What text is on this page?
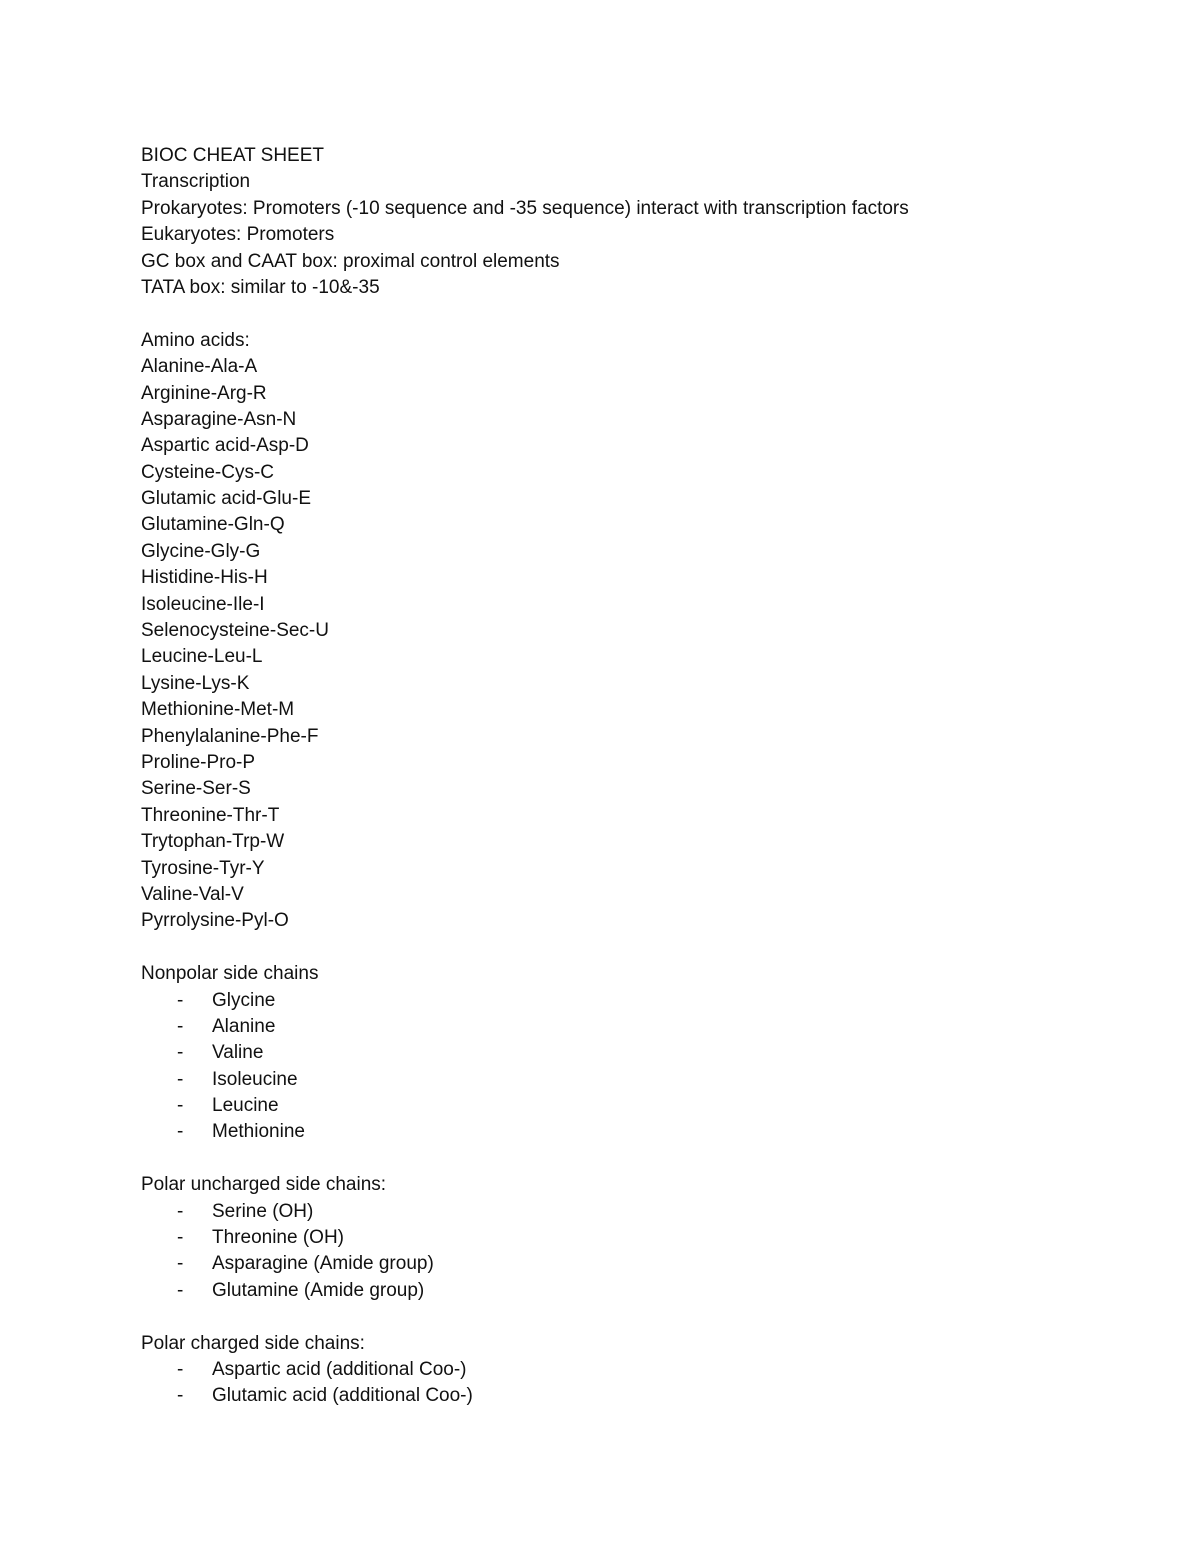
BIOC CHEAT SHEET
Transcription
Prokaryotes: Promoters (-10 sequence and -35 sequence) interact with transcription factors
Eukaryotes: Promoters
GC box and CAAT box: proximal control elements
TATA box: similar to -10&-35
Amino acids:
Alanine-Ala-A
Arginine-Arg-R
Asparagine-Asn-N
Aspartic acid-Asp-D
Cysteine-Cys-C
Glutamic acid-Glu-E
Glutamine-Gln-Q
Glycine-Gly-G
Histidine-His-H
Isoleucine-Ile-I
Selenocysteine-Sec-U
Leucine-Leu-L
Lysine-Lys-K
Methionine-Met-M
Phenylalanine-Phe-F
Proline-Pro-P
Serine-Ser-S
Threonine-Thr-T
Trytophan-Trp-W
Tyrosine-Tyr-Y
Valine-Val-V
Pyrrolysine-Pyl-O
Nonpolar side chains
- Glycine
- Alanine
- Valine
- Isoleucine
- Leucine
- Methionine
Polar uncharged side chains:
- Serine (OH)
- Threonine (OH)
- Asparagine (Amide group)
- Glutamine (Amide group)
Polar charged side chains:
- Aspartic acid (additional Coo-)
- Glutamic acid (additional Coo-)
